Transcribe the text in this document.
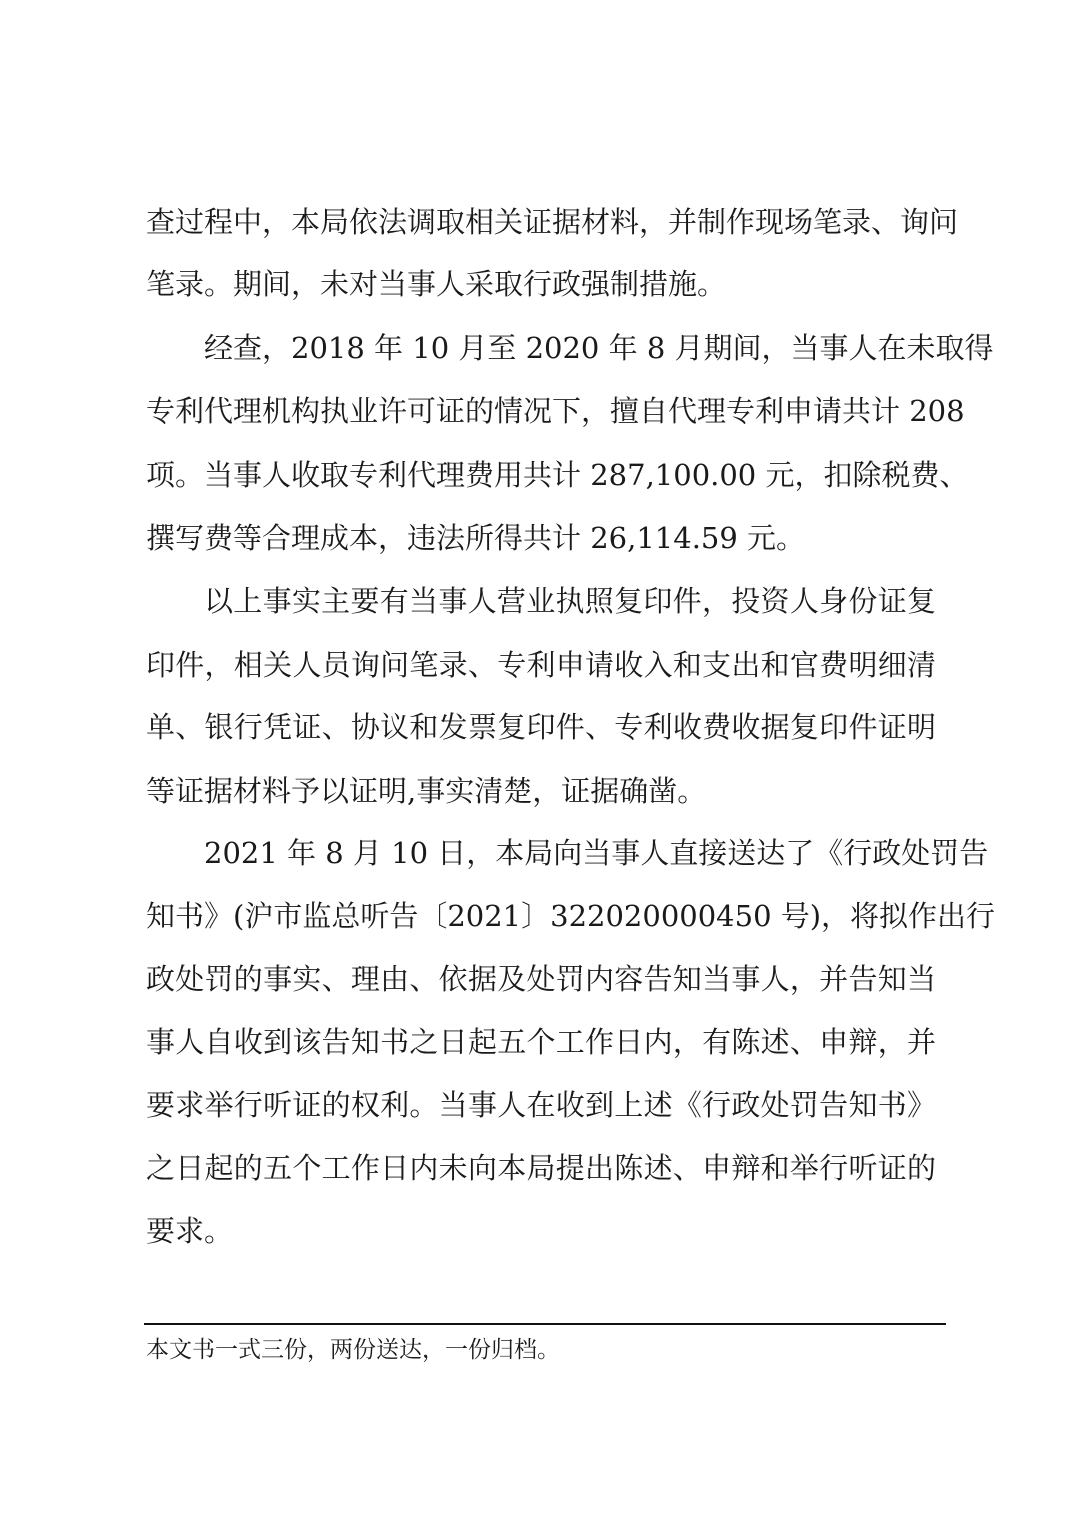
查过程中，本局依法调取相关证据材料，并制作现场笔录、询问
笔录。期间，未对当事人采取行政强制措施。
经查，2018 年 10 月至 2020 年 8 月期间，当事人在未取得
专利代理机构执业许可证的情况下，擅自代理专利申请共计 208
项。当事人收取专利代理费用共计 287,100.00 元，扣除税费、
撰写费等合理成本，违法所得共计 26,114.59 元。
以上事实主要有当事人营业执照复印件，投资人身份证复
印件，相关人员询问笔录、专利申请收入和支出和官费明细清
单、银行凭证、协议和发票复印件、专利收费收据复印件证明
等证据材料予以证明,事实清楚，证据确凿。
2021 年 8 月 10 日，本局向当事人直接送达了《行政处罚告
知书》(沪市监总听告〔2021〕322020000450 号)，将拟作出行
政处罚的事实、理由、依据及处罚内容告知当事人，并告知当
事人自收到该告知书之日起五个工作日内，有陈述、申辩，并
要求举行听证的权利。当事人在收到上述《行政处罚告知书》
之日起的五个工作日内未向本局提出陈述、申辩和举行听证的
要求。
本文书一式三份，两份送达，一份归档。
